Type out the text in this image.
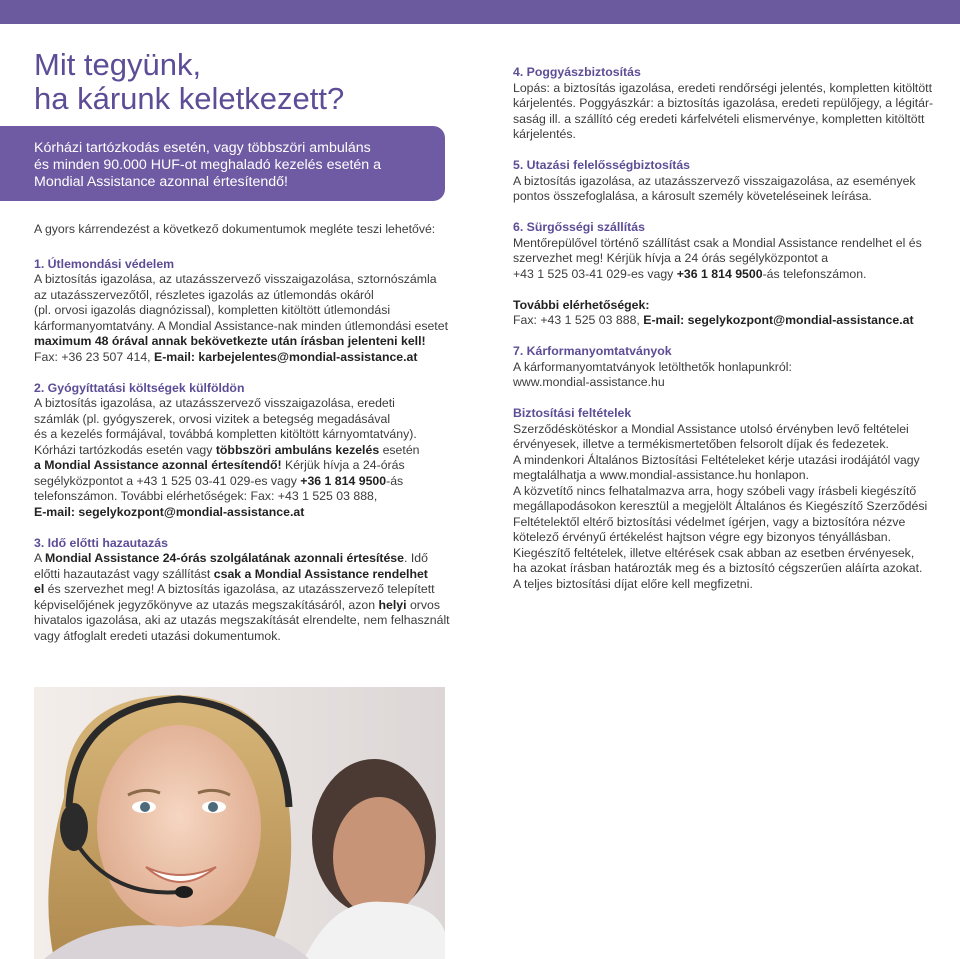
Mit tegyünk,
ha kárunk keletkezett?
Kórházi tartózkodás esetén, vagy többszöri ambuláns
és minden 90.000 HUF-ot meghaladó kezelés esetén a
Mondial Assistance azonnal értesítendő!
A gyors kárrendezést a következő dokumentumok megléte teszi lehetővé:
1. Útlemondási védelem
A biztosítás igazolása, az utazásszervező visszaigazolása, sztornószámla
az utazásszervezőtől, részletes igazolás az útlemondás okáról
(pl. orvosi igazolás diagnózissal), kompletten kitöltött útlemondási
kárformanyomtatvány. A Mondial Assistance-nak minden útlemondási esetet
maximum 48 órával annak bekövetkezte után írásban jelenteni kell!
Fax: +36 23 507 414, E-mail: karbejelentes@mondial-assistance.at
2. Gyógyíttatási költségek külföldön
A biztosítás igazolása, az utazásszervező visszaigazolása, eredeti
számlák (pl. gyógyszerek, orvosi vizitek a betegség megadásával
és a kezelés formájával, továbbá kompletten kitöltött kárnyomtatvány).
Kórházi tartózkodás esetén vagy többszöri ambuláns kezelés esetén
a Mondial Assistance azonnal értesítendő! Kérjük hívja a 24-órás
segélyközpontot a +43 1 525 03-41 029-es vagy +36 1 814 9500-ás
telefonszámon. További elérhetőségek: Fax: +43 1 525 03 888,
E-mail: segelykozpont@mondial-assistance.at
3. Idő előtti hazautazás
A Mondial Assistance 24-órás szolgálatának azonnali értesítése. Idő
előtti hazautazást vagy szállítást csak a Mondial Assistance rendelhet
el és szervezhet meg! A biztosítás igazolása, az utazásszervező telepített
képviselőjének jegyzőkönyve az utazás megszakításáról, azon helyi orvos
hivatalos igazolása, aki az utazás megszakítását elrendelte, nem felhasznált
vagy átfoglalt eredeti utazási dokumentumok.
4. Poggyászbiztosítás
Lopás: a biztosítás igazolása, eredeti rendőrségi jelentés, kompletten kitöltött
kárjelentés. Poggyászkár: a biztosítás igazolása, eredeti repülőjegy, a légitár-
saság ill. a szállító cég eredeti kárfelvételi elismervénye, kompletten kitöltött
kárjelentés.
5. Utazási felelősségbiztosítás
A biztosítás igazolása, az utazásszervező visszaigazolása, az események
pontos összefoglalása, a károsult személy követeléseinek leírása.
6. Sürgősségi szállítás
Mentőrepülővel történő szállítást csak a Mondial Assistance rendelhet el és
szervezhet meg! Kérjük hívja a 24 órás segélyközpontot a
+43 1 525 03-41 029-es vagy +36 1 814 9500-ás telefonszámon.
További elérhetőségek:
Fax: +43 1 525 03 888, E-mail: segelykozpont@mondial-assistance.at
7. Kárformanyomtatványok
A kárformanyomtatványok letölthetők honlapunkról:
www.mondial-assistance.hu
Biztosítási feltételek
Szerződéskötéskor a Mondial Assistance utolsó érvényben levő feltételei
érvényesek, illetve a termékismertetőben felsorolt díjak és fedezetek.
A mindenkori Általános Biztosítási Feltételeket kérje utazási irodájától vagy
megtalálhatja a www.mondial-assistance.hu honlapon.
A közvetítő nincs felhatalmazva arra, hogy szóbeli vagy írásbeli kiegészítő
megállapodásokon keresztül a megjelölt Általános és Kiegészítő Szerződési
Feltételektől eltérő biztosítási védelmet ígérjen, vagy a biztosítóra nézve
kötelező érvényű értékelést hajtson végre egy bizonyos tényállásban.
Kiegészítő feltételek, illetve eltérések csak abban az esetben érvényesek,
ha azokat írásban határozták meg és a biztosító cégszerűen aláírta azokat.
A teljes biztosítási díjat előre kell megfizetni.
